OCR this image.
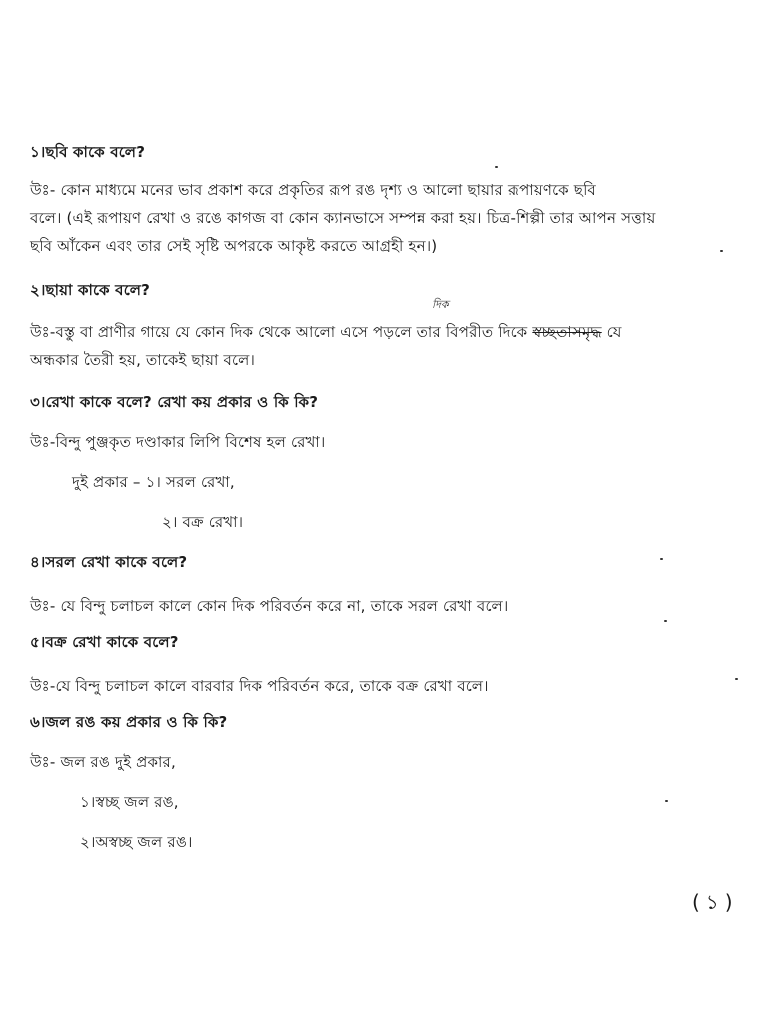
১।ছবি কাকে বলে?
উঃ- কোন মাধ্যমে মনের ভাব প্রকাশ করে প্রকৃতির রূপ রঙ দৃশ্য ও আলো ছায়ার রূপায়ণকে ছবি
বলে। (এই রূপায়ণ রেখা ও রঙে কাগজ বা কোন ক্যানভাসে সম্পন্ন করা হয়। চিত্র-শিল্পী তার আপন সত্তায়
ছবি আঁকেন এবং তার সেই সৃষ্টি অপরকে আকৃষ্ট করতে আগ্রহী হন।)
২।ছায়া কাকে বলে?
দিক
উঃ-বস্তু বা প্রাণীর গায়ে যে কোন দিক থেকে আলো এসে পড়লে তার বিপরীত দিকে স্বচ্ছতাসমৃদ্ধ যে
অন্ধকার তৈরী হয়, তাকেই ছায়া বলে।
৩।রেখা কাকে বলে? রেখা কয় প্রকার ও কি কি?
উঃ-বিন্দু পুঞ্জকৃত দণ্ডাকার লিপি বিশেষ হল রেখা।
দুই প্রকার – ১। সরল রেখা,
২। বক্র রেখা।
৪।সরল রেখা কাকে বলে?
উঃ- যে বিন্দু চলাচল কালে কোন দিক পরিবর্তন করে না, তাকে সরল রেখা বলে।
৫।বক্র রেখা কাকে বলে?
উঃ-যে বিন্দু চলাচল কালে বারবার দিক পরিবর্তন করে, তাকে বক্র রেখা বলে।
৬।জল রঙ কয় প্রকার ও কি কি?
উঃ- জল রঙ দুই প্রকার,
১।স্বচ্ছ জল রঙ,
২।অস্বচ্ছ জল রঙ।
(১)
